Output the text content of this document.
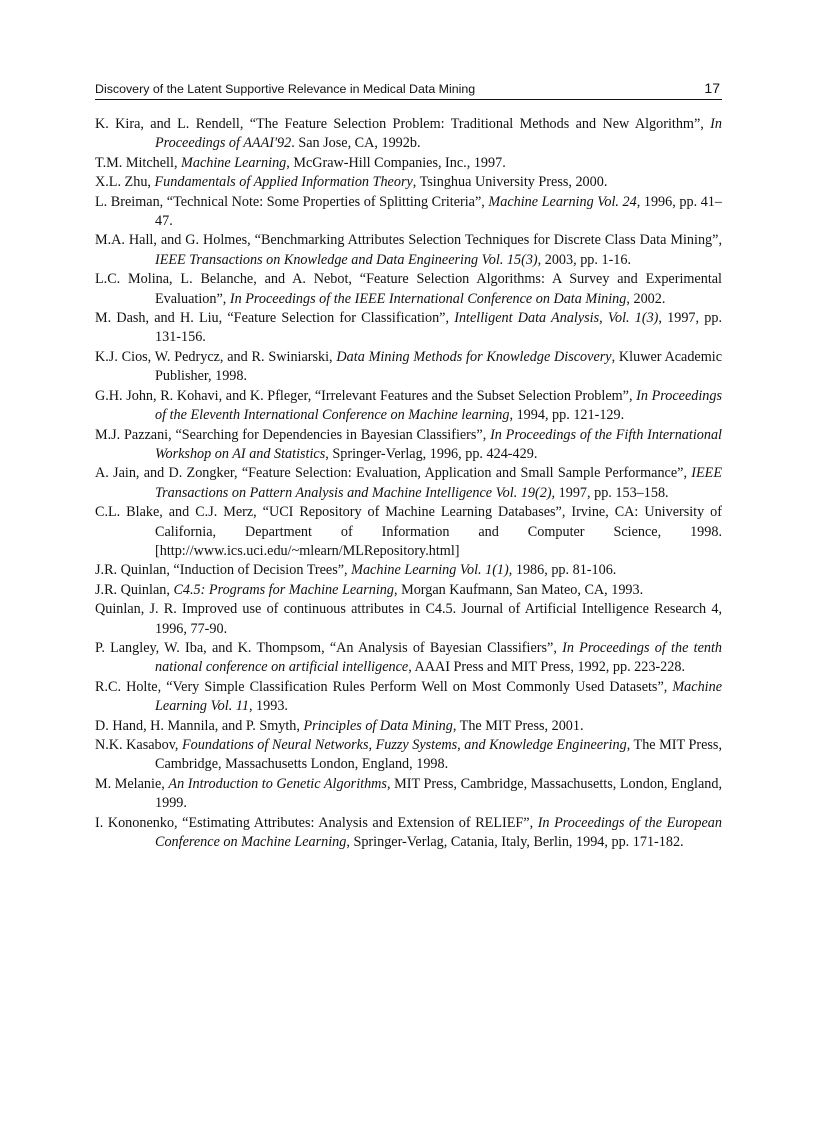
Discovery of the Latent Supportive Relevance in Medical Data Mining	17

K. Kira, and L. Rendell, “The Feature Selection Problem: Traditional Methods and New Algorithm”, In Proceedings of AAAI'92. San Jose, CA, 1992b.

T.M. Mitchell, Machine Learning, McGraw-Hill Companies, Inc., 1997.

X.L. Zhu, Fundamentals of Applied Information Theory, Tsinghua University Press, 2000.

L. Breiman, “Technical Note: Some Properties of Splitting Criteria”, Machine Learning Vol. 24, 1996, pp. 41–47.

M.A. Hall, and G. Holmes, “Benchmarking Attributes Selection Techniques for Discrete Class Data Mining”, IEEE Transactions on Knowledge and Data Engineering Vol. 15(3), 2003, pp. 1-16.

L.C. Molina, L. Belanche, and A. Nebot, “Feature Selection Algorithms: A Survey and Experimental Evaluation”, In Proceedings of the IEEE International Conference on Data Mining, 2002.

M. Dash, and H. Liu, “Feature Selection for Classification”, Intelligent Data Analysis, Vol. 1(3), 1997, pp. 131-156.

K.J. Cios, W. Pedrycz, and R. Swiniarski, Data Mining Methods for Knowledge Discovery, Kluwer Academic Publisher, 1998.

G.H. John, R. Kohavi, and K. Pfleger, “Irrelevant Features and the Subset Selection Problem”, In Proceedings of the Eleventh International Conference on Machine learning, 1994, pp. 121-129.

M.J. Pazzani, “Searching for Dependencies in Bayesian Classifiers”, In Proceedings of the Fifth International Workshop on AI and Statistics, Springer-Verlag, 1996, pp. 424-429.

A. Jain, and D. Zongker, “Feature Selection: Evaluation, Application and Small Sample Performance”, IEEE Transactions on Pattern Analysis and Machine Intelligence Vol. 19(2), 1997, pp. 153–158.

C.L. Blake, and C.J. Merz, “UCI Repository of Machine Learning Databases”, Irvine, CA: University of California, Department of Information and Computer Science, 1998. [http://www.ics.uci.edu/~mlearn/MLRepository.html]

J.R. Quinlan, “Induction of Decision Trees”, Machine Learning Vol. 1(1), 1986, pp. 81-106.

J.R. Quinlan, C4.5: Programs for Machine Learning, Morgan Kaufmann, San Mateo, CA, 1993.

Quinlan, J. R. Improved use of continuous attributes in C4.5. Journal of Artificial Intelligence Research 4, 1996, 77-90.

P. Langley, W. Iba, and K. Thompsom, “An Analysis of Bayesian Classifiers”, In Proceedings of the tenth national conference on artificial intelligence, AAAI Press and MIT Press, 1992, pp. 223-228.

R.C. Holte, “Very Simple Classification Rules Perform Well on Most Commonly Used Datasets”, Machine Learning Vol. 11, 1993.

D. Hand, H. Mannila, and P. Smyth, Principles of Data Mining, The MIT Press, 2001.

N.K. Kasabov, Foundations of Neural Networks, Fuzzy Systems, and Knowledge Engineering, The MIT Press, Cambridge, Massachusetts London, England, 1998.

M. Melanie, An Introduction to Genetic Algorithms, MIT Press, Cambridge, Massachusetts, London, England, 1999.

I. Kononenko, “Estimating Attributes: Analysis and Extension of RELIEF”, In Proceedings of the European Conference on Machine Learning, Springer-Verlag, Catania, Italy, Berlin, 1994, pp. 171-182.
